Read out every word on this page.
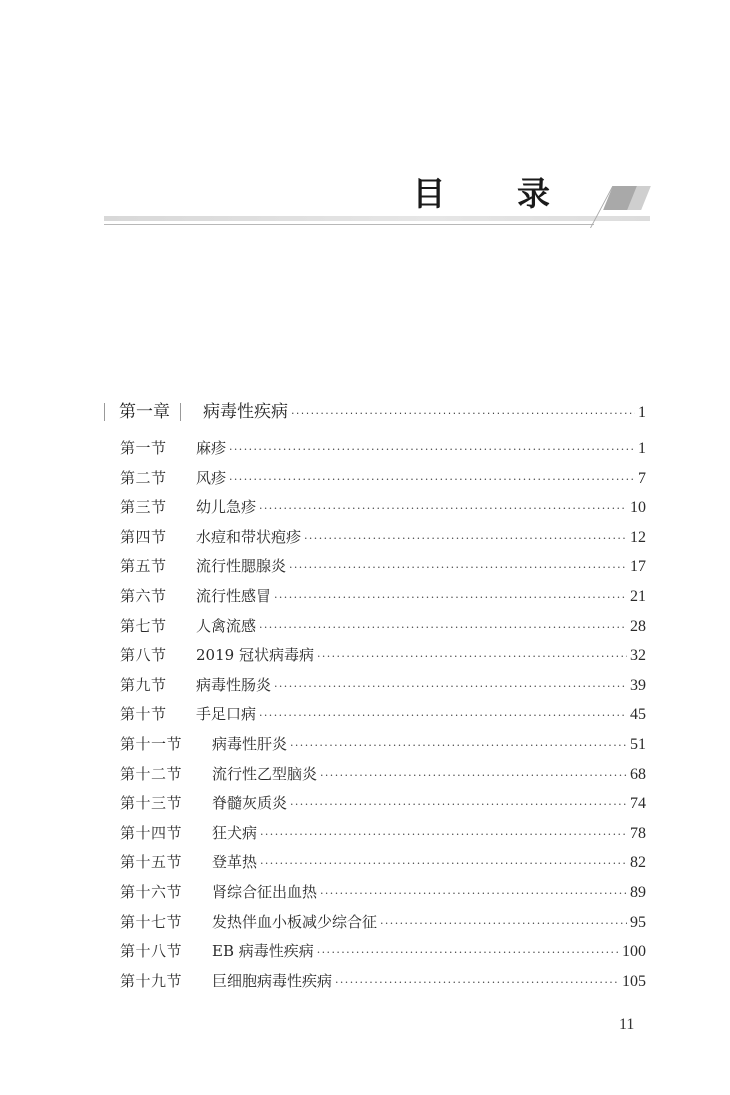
目 录
第一章 病毒性疾病 ·····	1
第一节	麻疹 ·····	1
第二节	风疹 ·····	7
第三节	幼儿急疹 ·····	10
第四节	水痘和带状疱疹 ·····	12
第五节	流行性腮腺炎 ·····	17
第六节	流行性感冒 ·····	21
第七节	人禽流感 ·····	28
第八节	2019 冠状病毒病 ·····	32
第九节	病毒性肠炎 ·····	39
第十节	手足口病 ·····	45
第十一节	病毒性肝炎 ·····	51
第十二节	流行性乙型脑炎 ·····	68
第十三节	脊髓灰质炎 ·····	74
第十四节	狂犬病 ·····	78
第十五节	登革热 ·····	82
第十六节	肾综合征出血热 ·····	89
第十七节	发热伴血小板减少综合征 ·····	95
第十八节	EB 病毒性疾病 ·····	100
第十九节	巨细胞病毒性疾病 ·····	105
11
